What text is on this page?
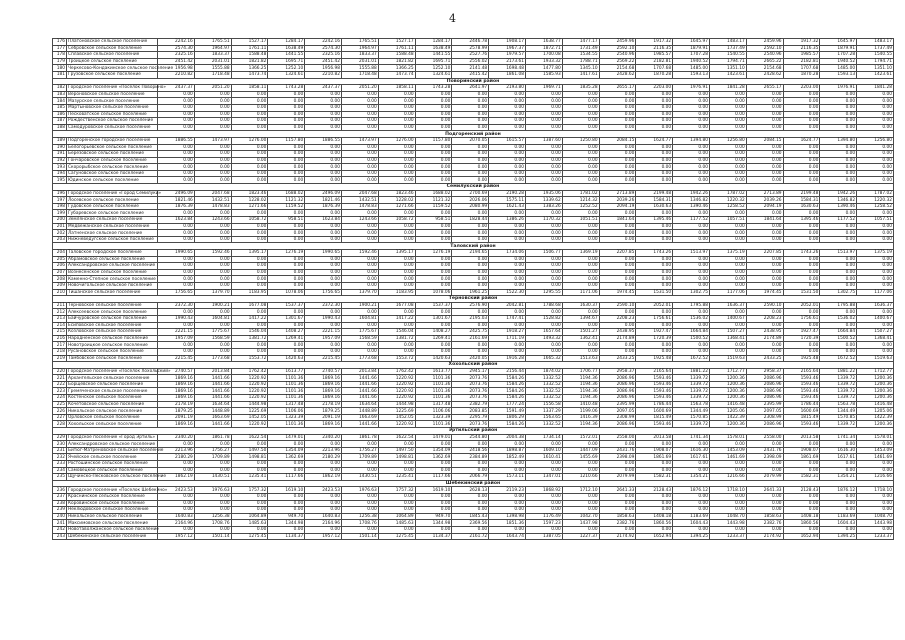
4
176	Платоновское сельское поселение	2242.16	1765.51	1527.17	1284.17	2242.16	1765.51	1527.17	1284.17	2446.78	1908.17	1638.77	1477.17	2459.96	1917.32	1645.97	1483.17	2459.96	1917.32	1645.97	1483.17
177	Себровское сельское поселение	2574.30	1964.97	1761.11	1638.49	2574.30	1964.97	1761.11	1638.49	2578.99	1967.37	1872.71	1731.49	2592.10	2116.35	1879.91	1737.49	2592.10	2116.35	1879.91	1737.49
178	Сплавское сельское поселение	2325.16	1833.37	1588.48	1441.55	2325.16	1833.37	1588.48	1441.55	2527.76	1979.57	1700.08	1534.55	2540.96	1985.57	1707.28	1540.55	2540.96	1985.57	1707.28	1540.55
179	Троицкое сельское поселение	2451.42	2031.01	1821.82	1695.71	2451.42	2031.01	1821.82	1695.71	2556.02	2173.61	1933.32	1788.71	2569.22	2182.81	1940.52	1794.71	2665.22	2182.81	1940.52	1794.71
180	Черкесово-Кондакинское сельское поселение	1956.98	1555.88	1366.25	1252.10	1956.98	1555.88	1366.25	1252.10	2141.48	1698.48	1477.80	1345.10	2154.68	1707.68	1485.00	1351.10	2154.68	1707.68	1485.00	1351.10
181	Грузовское сельское поселение	2210.82	1718.48	1473.74	1324.61	2210.82	1718.48	1473.74	1324.61	2415.42	1861.08	1585.93	1417.61	2428.62	1870.28	1593.13	1423.61	2428.62	1870.28	1593.13	1423.61
Поворинский район																					
182	Городское поселение «Поселок Поворино»	2437.37	2051.20	1858.11	1743.28	2437.37	2051.20	1858.11	1743.28	2641.97	2193.80	1969.71	1835.28	2655.17	2203.00	1976.91	1841.28	2655.17	2203.00	1976.91	1841.28
183	Вероновское сельское поселение	0.00	0.00	0.00	0.00	0.00	0.00	0.00	0.00	0.00	0.00	0.00	0.00	0.00	0.00	0.00	0.00	0.00	0.00	0.00	0.00
184	Мазурское сельское поселение	0.00	0.00	0.00	0.00	0.00	0.00	0.00	0.00	0.00	0.00	0.00	0.00	0.00	0.00	0.00	0.00	0.00	0.00	0.00	0.00
185	Мартыновское сельское поселение	0.00	0.00	0.00	0.00	0.00	0.00	0.00	0.00	0.00	0.00	0.00	0.00	0.00	0.00	0.00	0.00	0.00	0.00	0.00	0.00
186	Песковатское сельское поселение	0.00	0.00	0.00	0.00	0.00	0.00	0.00	0.00	0.00	0.00	0.00	0.00	0.00	0.00	0.00	0.00	0.00	0.00	0.00	0.00
187	Рождественское сельское поселение	0.00	0.00	0.00	0.00	0.00	0.00	0.00	0.00	0.00	0.00	0.00	0.00	0.00	0.00	0.00	0.00	0.00	0.00	0.00	0.00
188	Самодуровское сельское поселение	0.00	0.00	0.00	0.00	0.00	0.00	0.00	0.00	0.00	0.00	0.00	0.00	0.00	0.00	0.00	0.00	0.00	0.00	0.00	0.00
Подгоренский район																					
189	Подгоренское городское поселение	1886.55	1473.97	1276.00	1157.80	1886.55	1473.97	1276.00	1157.80	2070.05	1615.57	1387.60	1250.80	2084.15	1624.77	1394.80	1256.80	2084.15	1624.77	1394.80	1256.80
190	Белогорьевское сельское поселение	0.00	0.00	0.00	0.00	0.00	0.00	0.00	0.00	0.00	0.00	0.00	0.00	0.00	0.00	0.00	0.00	0.00	0.00	0.00	0.00
191	Березовское сельское поселение	0.00	0.00	0.00	0.00	0.00	0.00	0.00	0.00	0.00	0.00	0.00	0.00	0.00	0.00	0.00	0.00	0.00	0.00	0.00	0.00
192	Гончаровское сельское поселение	0.00	0.00	0.00	0.00	0.00	0.00	0.00	0.00	0.00	0.00	0.00	0.00	0.00	0.00	0.00	0.00	0.00	0.00	0.00	0.00
193	Скорорыбское сельское поселение	0.00	0.00	0.00	0.00	0.00	0.00	0.00	0.00	0.00	0.00	0.00	0.00	0.00	0.00	0.00	0.00	0.00	0.00	0.00	0.00
194	Сагуновское сельское поселение	0.00	0.00	0.00	0.00	0.00	0.00	0.00	0.00	0.00	0.00	0.00	0.00	0.00	0.00	0.00	0.00	0.00	0.00	0.00	0.00
195	Юдинское сельское поселение	0.00	0.00	0.00	0.00	0.00	0.00	0.00	0.00	0.00	0.00	0.00	0.00	0.00	0.00	0.00	0.00	0.00	0.00	0.00	0.00
Семилукский район																					
196	Городское поселение «Город Семилуки»	2496.09	2047.68	1823.46	1688.02	2496.09	2047.68	1823.46	1688.02	2700.69	2190.28	1935.06	1781.02	2713.89	2199.48	1942.26	1787.02	2713.89	2199.48	1942.26	1787.02
197	Лосевское сельское поселение	1821.46	1432.51	1228.02	1121.32	1821.46	1432.51	1228.02	1121.32	2026.06	1575.11	1339.62	1214.32	2039.26	1584.31	1346.82	1220.32	2039.26	1584.31	1346.82	1220.32
198	Гудовское сельское поселение	1876.39	1478.83	1271.66	1159.52	1876.39	1478.83	1271.66	1159.52	2080.99	1621.43	1383.26	1252.52	2094.19	1630.63	1390.46	1258.52	2094.19	1630.63	1390.46	1258.52
199	Губаревское сельское поселение	0.00	0.00	0.00	0.00	0.00	0.00	0.00	0.00	0.00	0.00	0.00	0.00	0.00	0.00	0.00	0.00	0.00	0.00	0.00	0.00
200	Землянское сельское поселение	1623.84	1243.66	1058.72	958.51	1623.84	1243.66	1058.72	958.51	1828.44	1386.26	1170.32	1051.51	1841.64	1395.46	1177.52	1057.51	1841.64	1395.46	1177.52	1057.51
201	Медвежанское сельское поселение	0.00	0.00	0.00	0.00	0.00	0.00	0.00	0.00	0.00	0.00	0.00	0.00	0.00	0.00	0.00	0.00	0.00	0.00	0.00	0.00
202	Латненское сельское поселение	0.00	0.00	0.00	0.00	0.00	0.00	0.00	0.00	0.00	0.00	0.00	0.00	0.00	0.00	0.00	0.00	0.00	0.00	0.00	0.00
203	Нижневедугское сельское поселение	0.00	0.00	0.00	0.00	0.00	0.00	0.00	0.00	0.00	0.00	0.00	0.00	0.00	0.00	0.00	0.00	0.00	0.00	0.00	0.00
Таловский район																					
204	Таловское городское поселение	1990.65	1592.46	1395.17	1276.19	1990.65	1592.46	1395.17	1276.19	2194.65	1734.06	1506.77	1369.19	2207.85	1743.26	1513.97	1375.19	2207.85	1743.26	1513.97	1375.19
205	Абрамовское сельское поселение	0.00	0.00	0.00	0.00	0.00	0.00	0.00	0.00	0.00	0.00	0.00	0.00	0.00	0.00	0.00	0.00	0.00	0.00	0.00	0.00
206	Александровское сельское поселение	0.00	0.00	0.00	0.00	0.00	0.00	0.00	0.00	0.00	0.00	0.00	0.00	0.00	0.00	0.00	0.00	0.00	0.00	0.00	0.00
207	Вознесенское сельское поселение	0.00	0.00	0.00	0.00	0.00	0.00	0.00	0.00	0.00	0.00	0.00	0.00	0.00	0.00	0.00	0.00	0.00	0.00	0.00	0.00
208	Каменно-Степное сельское поселение	0.00	0.00	0.00	0.00	0.00	0.00	0.00	0.00	0.00	0.00	0.00	0.00	0.00	0.00	0.00	0.00	0.00	0.00	0.00	0.00
209	Новочигольское сельское поселение	0.00	0.00	0.00	0.00	0.00	0.00	0.00	0.00	0.00	0.00	0.00	0.00	0.00	0.00	0.00	0.00	0.00	0.00	0.00	0.00
210	Тишанское сельское поселение	1756.65	1379.70	1183.95	1078.06	1756.65	1379.70	1183.95	1078.06	1961.25	1522.30	1295.55	1171.06	1974.45	1531.50	1302.75	1177.06	1974.45	1531.50	1302.75	1177.06
Терновский район																					
211	Терновское сельское поселение	2372.30	1900.21	1677.08	1537.37	2372.30	1900.21	1677.08	1537.37	2576.90	2042.81	1788.68	1630.37	2590.10	2052.01	1795.88	1636.37	2590.10	2052.01	1795.88	1636.37
212	Алексеевское сельское поселение	0.00	0.00	0.00	0.00	0.00	0.00	0.00	0.00	0.00	0.00	0.00	0.00	0.00	0.00	0.00	0.00	0.00	0.00	0.00	0.00
213	Байчуровское сельское поселение	1990.43	1604.81	1417.22	1301.67	1990.43	1604.81	1417.22	1301.67	2195.03	1747.41	1528.82	1394.67	2208.23	1756.61	1536.02	1400.67	2208.23	1756.61	1536.02	1400.67
214	Есиповское сельское поселение	0.00	0.00	0.00	0.00	0.00	0.00	0.00	0.00	0.00	0.00	0.00	0.00	0.00	0.00	0.00	0.00	0.00	0.00	0.00	0.00
215	Козловское сельское поселение	2221.15	1775.67	1546.04	1408.27	2221.15	1775.67	1546.04	1408.27	2425.75	1918.27	1657.64	1501.27	2438.95	1927.47	1664.84	1507.27	2438.95	1927.47	1664.84	1507.27
216	Народненское сельское поселение	1957.09	1568.59	1381.72	1269.41	1957.09	1568.59	1381.72	1269.41	2161.69	1711.19	1493.32	1362.41	2174.89	1720.39	1500.52	1368.41	2174.89	1720.39	1500.52	1368.41
217	Новотроицкое сельское поселение	0.00	0.00	0.00	0.00	0.00	0.00	0.00	0.00	0.00	0.00	0.00	0.00	0.00	0.00	0.00	0.00	0.00	0.00	0.00	0.00
218	Русановское сельское поселение	0.00	0.00	0.00	0.00	0.00	0.00	0.00	0.00	0.00	0.00	0.00	0.00	0.00	0.00	0.00	0.00	0.00	0.00	0.00	0.00
219	Тамбовское сельское поселение	2215.45	1773.68	1553.72	1420.63	2215.45	1773.68	1553.72	1420.63	2420.05	1916.28	1665.32	1513.63	2433.25	1925.48	1672.52	1519.63	2433.25	1925.48	1672.52	1519.63
Хохольский район																					
220	Городское поселение «Поселок Хохольский»	2740.57	2013.84	1762.42	1613.77	2740.57	2013.84	1762.42	1613.77	2945.17	2156.44	1874.02	1706.77	2958.37	2165.64	1881.22	1712.77	2958.37	2165.64	1881.22	1712.77
221	Архангельское сельское поселение	1869.16	1441.66	1220.92	1101.36	1869.16	1441.66	1220.92	1101.36	2073.76	1584.26	1332.52	1194.36	2086.96	1593.46	1339.72	1200.36	2086.96	1593.46	1339.72	1200.36
222	Борщевское сельское поселение	1869.16	1441.66	1220.92	1101.36	1869.16	1441.66	1220.92	1101.36	2073.76	1584.26	1332.52	1194.36	2086.96	1593.46	1339.72	1200.36	2086.96	1593.46	1339.72	1200.36
223	Гремяченское сельское поселение	1869.16	1441.66	1220.92	1101.36	1869.16	1441.66	1220.92	1101.36	2073.76	1584.26	1332.52	1194.36	2086.96	1593.46	1339.72	1200.36	2086.96	1593.46	1339.72	1200.36
224	Костенское сельское поселение	1869.16	1441.66	1220.92	1101.36	1869.16	1441.66	1220.92	1101.36	2073.76	1584.26	1332.52	1194.36	2086.96	1593.46	1339.72	1200.36	2086.96	1593.46	1339.72	1200.36
225	Кочетовское сельское поселение	2178.19	1634.64	1444.98	1317.48	2178.19	1634.64	1444.98	1317.48	2382.79	1777.24	1556.58	1410.48	2395.99	1786.44	1563.78	1416.48	2395.99	1786.44	1563.78	1416.48
226	Никольское сельское поселение	1879.25	1448.89	1225.69	1106.06	1879.25	1448.89	1225.69	1106.06	2083.85	1591.49	1337.29	1199.06	2097.05	1600.69	1344.49	1205.06	2097.05	1600.69	1344.49	1205.06
227	Орловское сельское поселение	2091.19	1663.69	1452.05	1323.39	2091.19	1663.69	1452.05	1323.39	2295.79	1806.29	1563.65	1416.39	2308.99	1815.49	1570.85	1422.39	2308.99	1815.49	1570.85	1422.39
228	Хохольское сельское поселение	1869.16	1441.66	1220.92	1101.36	1869.16	1441.66	1220.92	1101.36	2073.76	1584.26	1332.52	1194.36	2086.96	1593.46	1339.72	1200.36	2086.96	1593.46	1339.72	1200.36
Эртильский район																					
229	Городское поселение «Город Эртиль»	2340.20	1861.78	1622.54	1479.01	2340.20	1861.78	1622.54	1479.01	2544.80	2004.38	1734.14	1572.01	2558.00	2013.58	1741.34	1578.01	2558.00	2013.58	1741.34	1578.01
230	Александровское сельское поселение	0.00	0.00	0.00	0.00	0.00	0.00	0.00	0.00	0.00	0.00	0.00	0.00	0.00	0.00	0.00	0.00	0.00	0.00	0.00	0.00
231	Битюг-Матреновское сельское поселение	2213.96	1756.27	1497.50	1354.09	2213.96	1756.27	1497.50	1354.09	2418.56	1898.87	1609.10	1447.09	2431.76	1908.07	1616.30	1453.09	2431.76	1908.07	1616.30	1453.09
232	Ячейское сельское поселение	2180.29	1709.89	1498.81	1362.69	2180.29	1709.89	1498.81	1362.69	2384.89	1852.49	1610.41	1455.69	2398.09	1861.69	1617.61	1461.69	2398.09	1861.69	1617.61	1461.69
233	Ростошинское сельское поселение	0.00	0.00	0.00	0.00	0.00	0.00	0.00	0.00	0.00	0.00	0.00	0.00	0.00	0.00	0.00	0.00	0.00	0.00	0.00	0.00
234	Самовецкое сельское поселение	0.00	0.00	0.00	0.00	0.00	0.00	0.00	0.00	0.00	0.00	0.00	0.00	0.00	0.00	0.00	0.00	0.00	0.00	0.00	0.00
235	Щучинско-Песковское сельское поселение	1862.19	1430.51	1235.41	1117.66	1862.19	1430.51	1235.41	1117.66	2066.79	1573.11	1347.01	1210.66	2079.99	1582.31	1354.21	1216.66	2079.99	1582.31	1354.21	1216.66
Шебекинский район																					
236	Городское поселение «Поселок Шебекино»	2423.53	1976.63	1757.32	1619.10	2423.53	1976.63	1757.32	1619.10	2628.13	2119.23	1868.92	1712.10	2641.33	2128.43	1876.12	1718.10	2641.33	2128.43	1876.12	1718.10
237	Краснинское сельское поселение	0.00	0.00	0.00	0.00	0.00	0.00	0.00	0.00	0.00	0.00	0.00	0.00	0.00	0.00	0.00	0.00	0.00	0.00	0.00	0.00
238	Коровинское сельское поселение	0.00	0.00	0.00	0.00	0.00	0.00	0.00	0.00	0.00	0.00	0.00	0.00	0.00	0.00	0.00	0.00	0.00	0.00	0.00	0.00
239	Неклюдовское сельское поселение	0.00	0.00	0.00	0.00	0.00	0.00	0.00	0.00	0.00	0.00	0.00	0.00	0.00	0.00	0.00	0.00	0.00	0.00	0.00	0.00
240	Никольское сельское поселение	1640.83	1256.38	1064.89	949.70	1640.83	1256.38	1064.89	949.70	1845.43	1398.98	1176.49	1042.70	1858.63	1408.18	1183.69	1048.70	1858.63	1408.18	1183.69	1048.70
241	Максимовское сельское поселение	2164.96	1708.76	1485.63	1344.98	2164.96	1708.76	1485.63	1344.98	2369.56	1851.36	1597.23	1437.98	2382.76	1860.56	1604.43	1443.98	2382.76	1860.56	1604.43	1443.98
242	Новотаволжанское сельское поселение	0.00	0.00	0.00	0.00	0.00	0.00	0.00	0.00	0.00	0.00	0.00	0.00	0.00	0.00	0.00	0.00	0.00	0.00	0.00	0.00
243	Шебекинское сельское поселение	1957.12	1501.14	1275.45	1134.37	1957.12	1501.14	1275.45	1134.37	2161.72	1643.74	1387.05	1227.37	2174.92	1652.94	1394.25	1233.37	2174.92	1652.94	1394.25	1233.37
